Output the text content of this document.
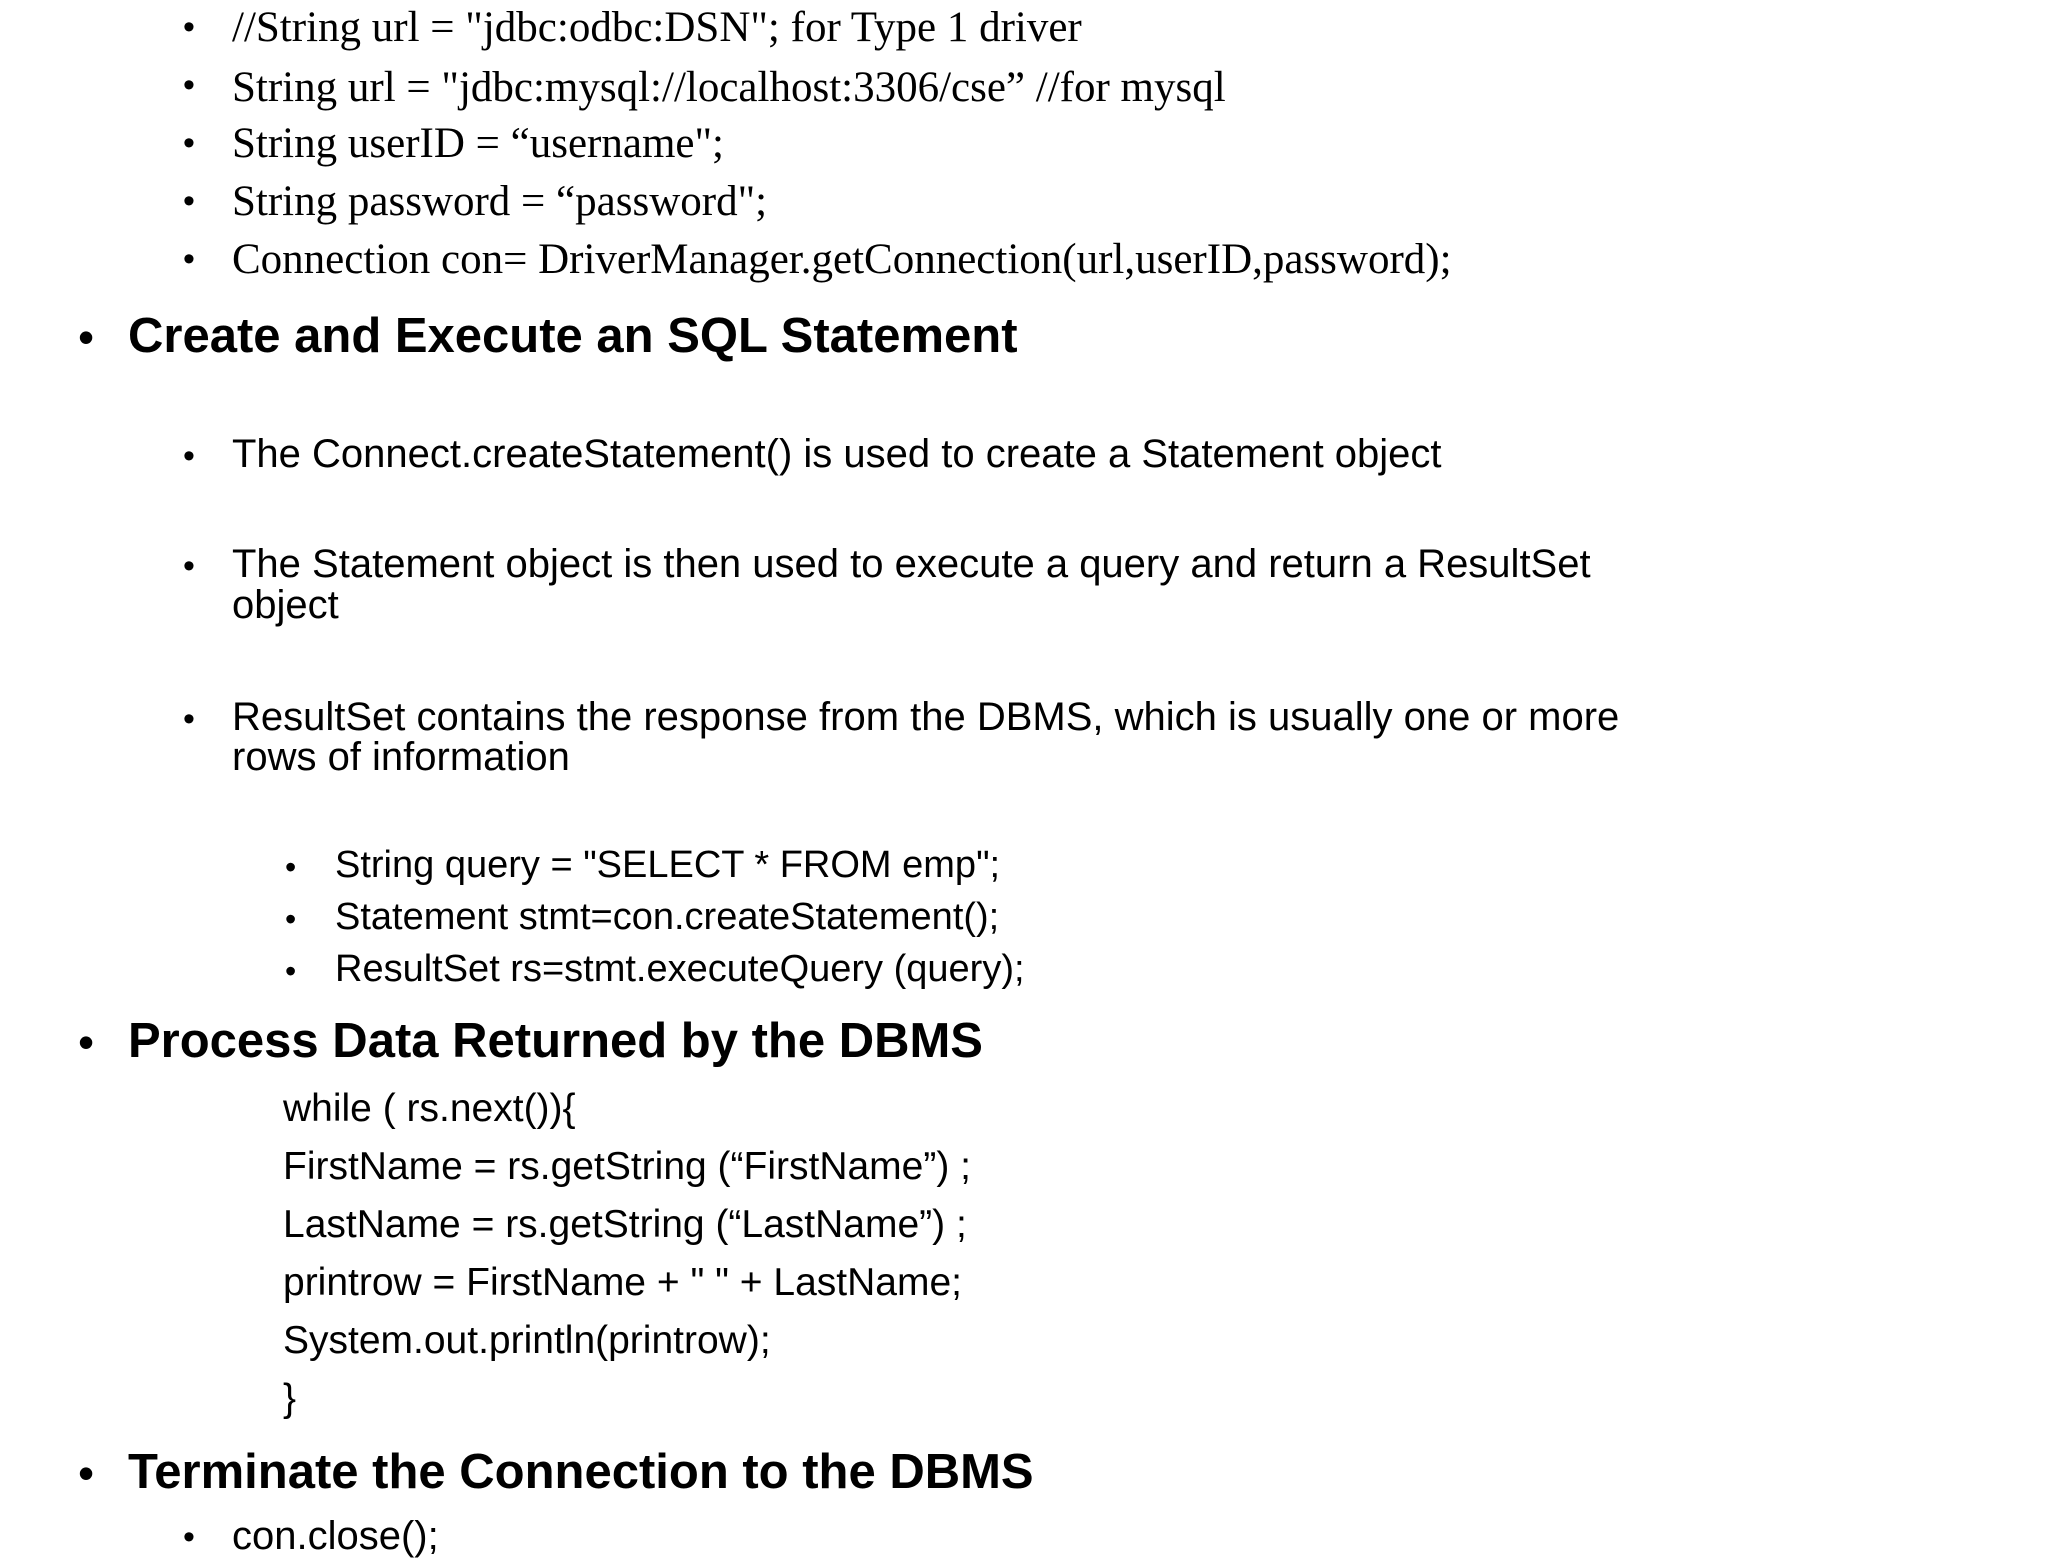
• //String url = "jdbc:odbc:DSN"; for Type 1 driver
• String url = "jdbc:mysql://localhost:3306/cse” //for mysql
• String userID = “username";
• String password = “password";
• Connection con= DriverManager.getConnection(url,userID,password);
• Create and Execute an SQL Statement
• The Connect.createStatement() is used to create a Statement object
• The Statement object is then used to execute a query and return a ResultSet
object
• ResultSet contains the response from the DBMS, which is usually one or more
rows of information
• String query = "SELECT * FROM emp";
• Statement stmt=con.createStatement();
• ResultSet rs=stmt.executeQuery (query);
• Process Data Returned by the DBMS
while ( rs.next()){
FirstName = rs.getString (“FirstName”) ;
LastName = rs.getString (“LastName”) ;
printrow = FirstName + " " + LastName;
System.out.println(printrow);
}
• Terminate the Connection to the DBMS
• con.close();
